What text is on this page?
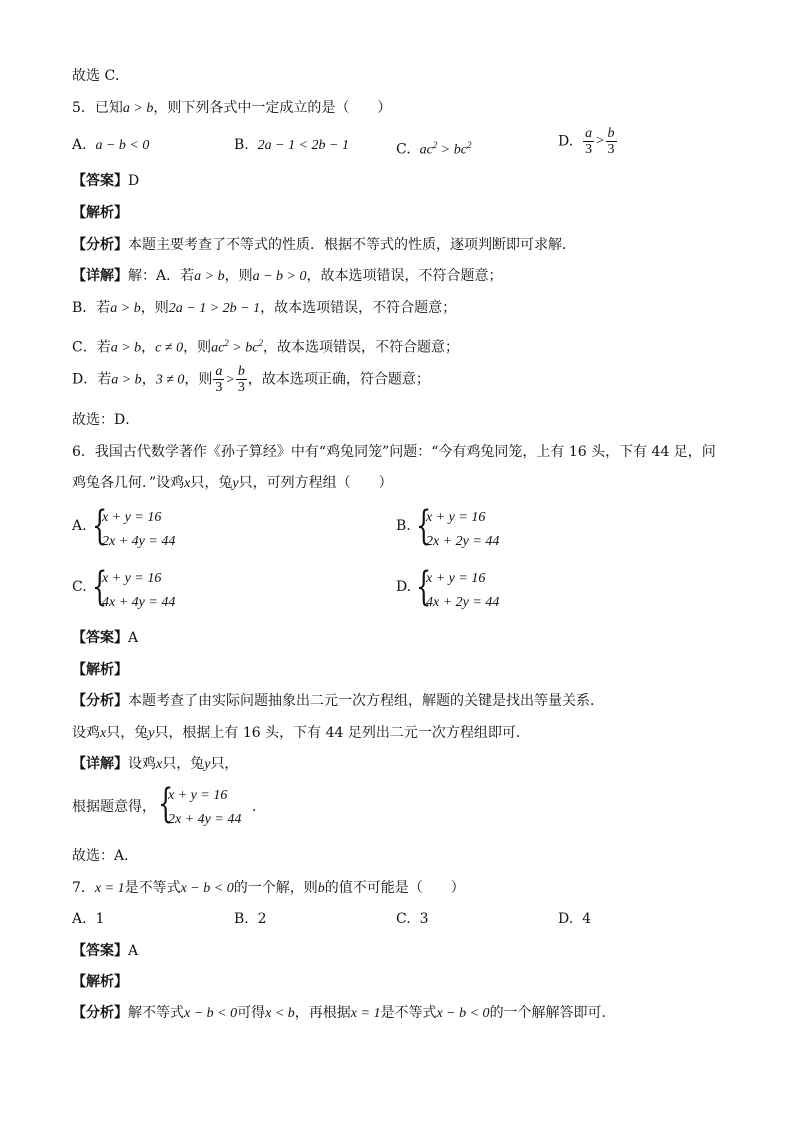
故选 C．
5．已知a > b，则下列各式中一定成立的是（　　）
A. a − b < 0	B. 2a − 1 < 2b − 1	C. $ac^2 > bc^2$	D. $\frac{a}{3} > \frac{b}{3}$
【答案】D
【解析】
【分析】本题主要考查了不等式的性质．根据不等式的性质，逐项判断即可求解．
【详解】解：A．若a > b，则a − b > 0，故本选项错误，不符合题意；
B．若a > b，则2a − 1 > 2b − 1，故本选项错误，不符合题意；
C．若a > b，c ≠ 0，则$ac^2 > bc^2$，故本选项错误，不符合题意；
D．若a > b，3 ≠ 0，则 $\frac{a}{3} > \frac{b}{3}$ ，故本选项正确，符合题意；
故选：D．
6．我国古代数学著作《孙子算经》中有“鸡兔同笼”问题：“今有鸡兔同笼，上有 16 头，下有 44 足，问
鸡兔各几何．”设鸡x只，兔y只，可列方程组（　　）
A. {
x + y = 16
2x + 4y = 44
B. {
x + y = 16
2x + 2y = 44
C. {
x + y = 16
4x + 4y = 44
D. {
x + y = 16
4x + 2y = 44
【答案】A
【解析】
【分析】本题考查了由实际问题抽象出二元一次方程组，解题的关键是找出等量关系．
设鸡x只，兔y只，根据上有 16 头，下有 44 足列出二元一次方程组即可．
【详解】设鸡x只，兔y只，
根据题意得， {
x + y = 16
2x + 4y = 44
．
故选：A．
7．x = 1是不等式x − b < 0的一个解，则b的值不可能是（　　）
A. 1	B. 2	C. 3	D. 4
【答案】A
【解析】
【分析】解不等式x − b < 0可得x < b，再根据x = 1是不等式x − b < 0的一个解解答即可．
